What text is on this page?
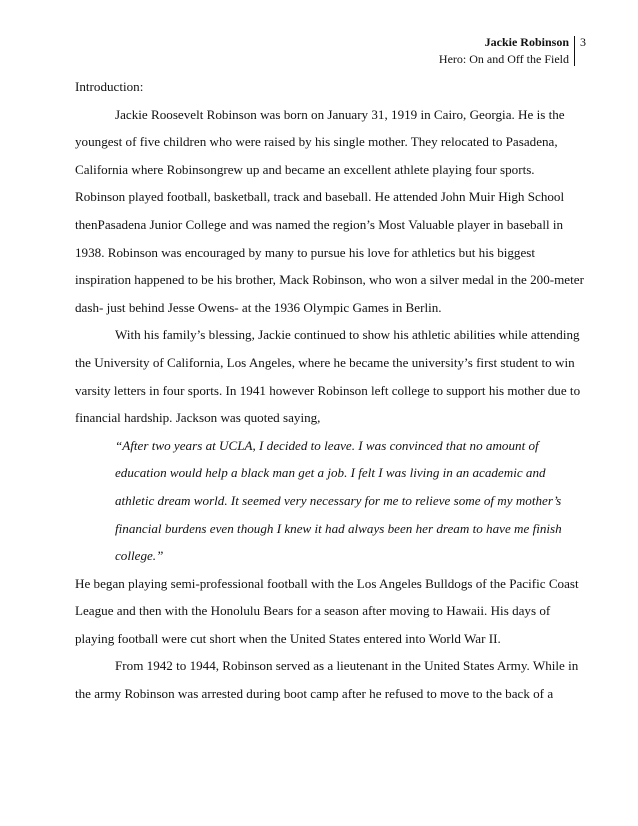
Jackie Robinson
Hero: On and Off the Field
3

Introduction:

Jackie Roosevelt Robinson was born on January 31, 1919 in Cairo, Georgia. He is the

youngest of five children who were raised by his single mother. They relocated to Pasadena,

California where Robinsongrew up and became an excellent athlete playing four sports.

Robinson played football, basketball, track and baseball. He attended John Muir High School

thenPasadena Junior College and was named the region’s Most Valuable player in baseball in

1938. Robinson was encouraged by many to pursue his love for athletics but his biggest

inspiration happened to be his brother, Mack Robinson, who won a silver medal in the 200-meter

dash- just behind Jesse Owens- at the 1936 Olympic Games in Berlin.

With his family’s blessing, Jackie continued to show his athletic abilities while attending

the University of California, Los Angeles, where he became the university’s first student to win

varsity letters in four sports. In 1941 however Robinson left college to support his mother due to

financial hardship. Jackson was quoted saying,

“After two years at UCLA, I decided to leave. I was convinced that no amount of

education would help a black man get a job. I felt I was living in an academic and

athletic dream world. It seemed very necessary for me to relieve some of my mother’s

financial burdens even though I knew it had always been her dream to have me finish

college.”

He began playing semi-professional football with the Los Angeles Bulldogs of the Pacific Coast

League and then with the Honolulu Bears for a season after moving to Hawaii. His days of

playing football were cut short when the United States entered into World War II.

From 1942 to 1944, Robinson served as a lieutenant in the United States Army. While in

the army Robinson was arrested during boot camp after he refused to move to the back of a
